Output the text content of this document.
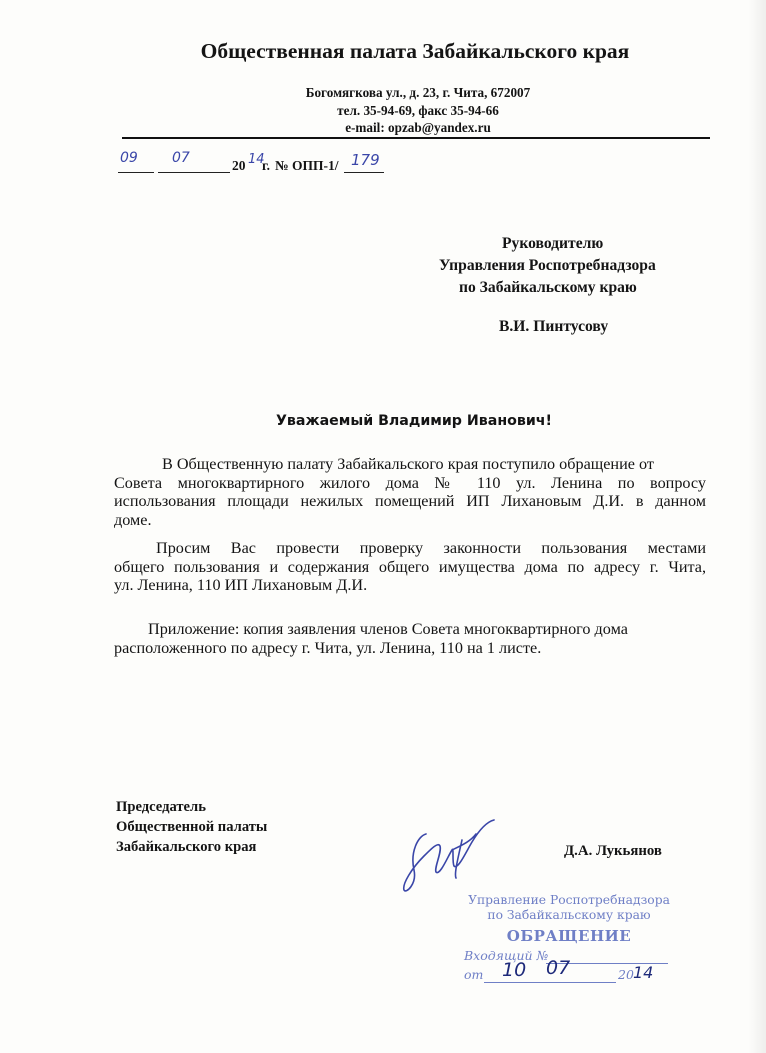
Общественная палата Забайкальского края
Богомягкова ул., д. 23, г. Чита, 672007
тел. 35-94-69, факс 35-94-66
e-mail: opzab@yandex.ru
09 07	20 14
г. № ОПП-1/ 179
Руководителю
Управления Роспотребнадзора
по Забайкальскому краю
В.И. Пинтусову
Уважаемый Владимир Иванович!
В Общественную палату Забайкальского края поступило обращение от
Совета многоквартирного жилого дома № 110 ул. Ленина по вопросу
использования площади нежилых помещений ИП Лихановым Д.И. в данном
доме.
Просим Вас провести проверку законности пользования местами
общего пользования и содержания общего имущества дома по адресу г. Чита,
ул. Ленина, 110 ИП Лихановым Д.И.
Приложение: копия заявления членов Совета многоквартирного дома
расположенного по адресу г. Чита, ул. Ленина, 110 на 1 листе.
Председатель
Общественной палаты
Забайкальского края	Д.А. Лукьянов
Управление Роспотребнадзора
по Забайкальскому краю
ОБРАЩЕНИЕ
Входящий №
от	20
10 07	14
